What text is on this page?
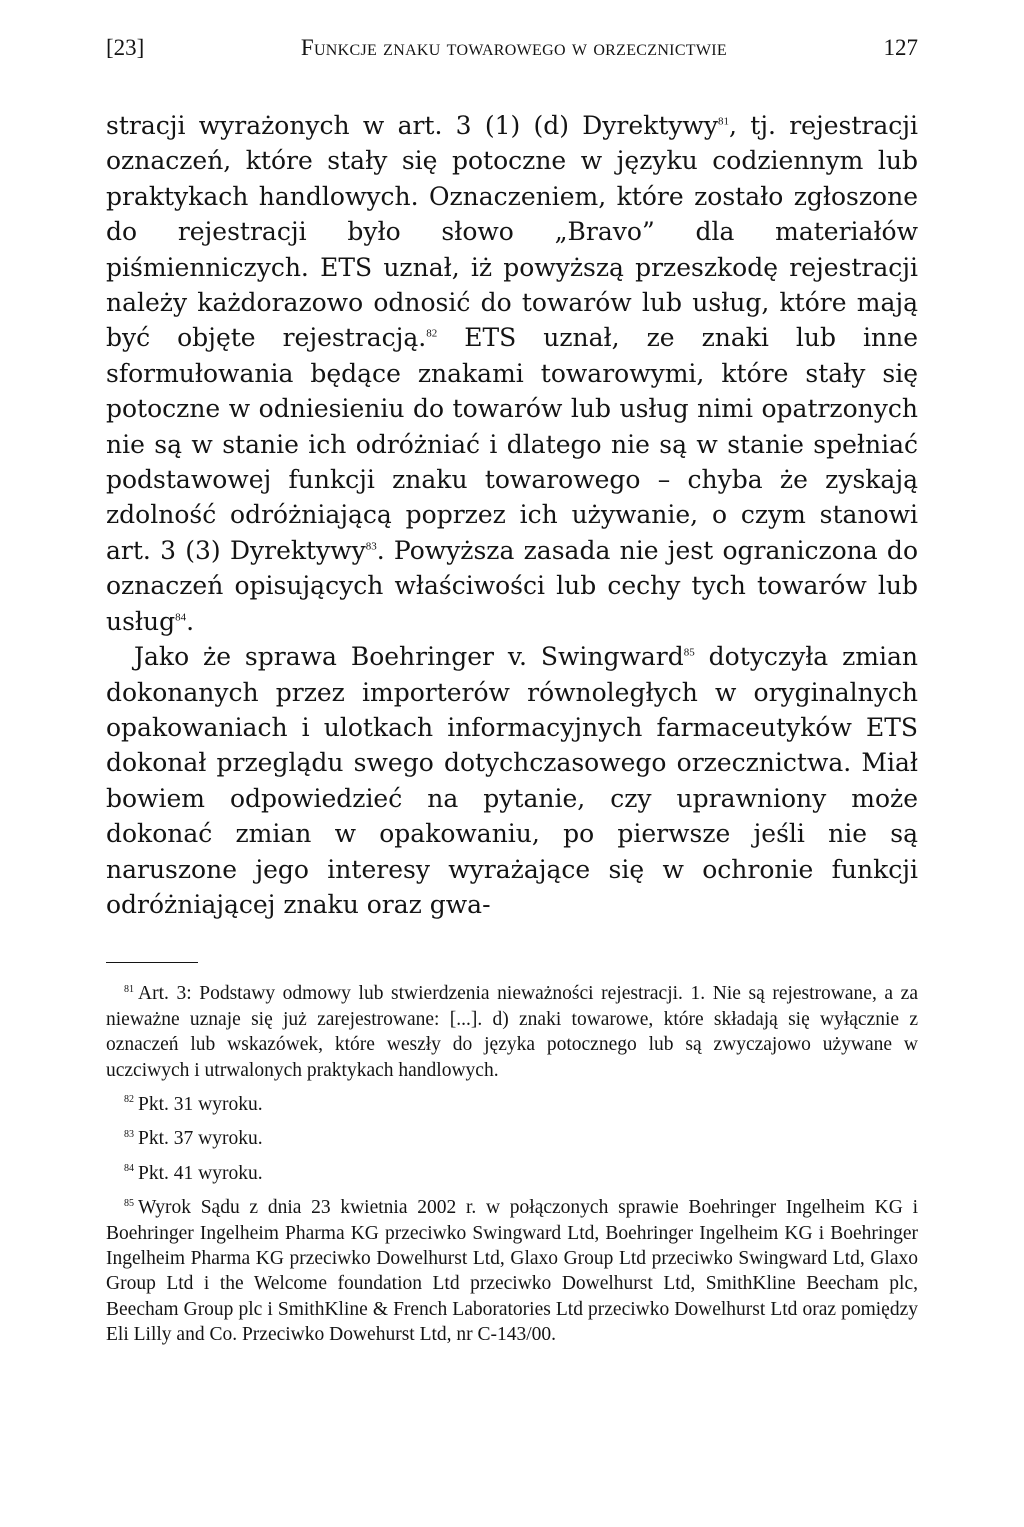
[23]	Funkcje znaku towarowego w orzecznictwie	127

stracji wyrażonych w art. 3 (1) (d) Dyrektywy$^{81}$, tj. rejestracji oznaczeń, które stały się potoczne w języku codziennym lub praktykach handlowych. Oznaczeniem, które zostało zgłoszone do rejestracji było słowo „Bravo” dla materiałów piśmienniczych. ETS uznał, iż powyższą przeszkodę rejestracji należy każdorazowo odnosić do towarów lub usług, które mają być objęte rejestracją.$^{82}$ ETS uznał, ze znaki lub inne sformułowania będące znakami towarowymi, które stały się potoczne w odniesieniu do towarów lub usług nimi opatrzonych nie są w stanie ich odróżniać i dlatego nie są w stanie spełniać podstawowej funkcji znaku towarowego – chyba że zyskają zdolność odróżniającą poprzez ich używanie, o czym stanowi art. 3 (3) Dyrektywy$^{83}$. Powyższa zasada nie jest ograniczona do oznaczeń opisujących właściwości lub cechy tych towarów lub usług$^{84}$.

Jako że sprawa Boehringer v. Swingward$^{85}$ dotyczyła zmian dokonanych przez importerów równoległych w oryginalnych opakowaniach i ulotkach informacyjnych farmaceutyków ETS dokonał przeglądu swego dotychczasowego orzecznictwa. Miał bowiem odpowiedzieć na pytanie, czy uprawniony może dokonać zmian w opakowaniu, po pierwsze jeśli nie są naruszone jego interesy wyrażające się w ochronie funkcji odróżniającej znaku oraz gwa-

$^{81}$ Art. 3: Podstawy odmowy lub stwierdzenia nieważności rejestracji. 1. Nie są rejestrowane, a za nieważne uznaje się już zarejestrowane: [...]. d) znaki towarowe, które składają się wyłącznie z oznaczeń lub wskazówek, które weszły do języka potocznego lub są zwyczajowo używane w uczciwych i utrwalonych praktykach handlowych.

$^{82}$ Pkt. 31 wyroku.

$^{83}$ Pkt. 37 wyroku.

$^{84}$ Pkt. 41 wyroku.

$^{85}$ Wyrok Sądu z dnia 23 kwietnia 2002 r. w połączonych sprawie Boehringer Ingelheim KG i Boehringer Ingelheim Pharma KG przeciwko Swingward Ltd, Boehringer Ingelheim KG i Boehringer Ingelheim Pharma KG przeciwko Dowelhurst Ltd, Glaxo Group Ltd przeciwko Swingward Ltd, Glaxo Group Ltd i the Welcome foundation Ltd przeciwko Dowelhurst Ltd, SmithKline Beecham plc, Beecham Group plc i SmithKline & French Laboratories Ltd przeciwko Dowelhurst Ltd oraz pomiędzy Eli Lilly and Co. Przeciwko Dowehurst Ltd, nr C-143/00.
